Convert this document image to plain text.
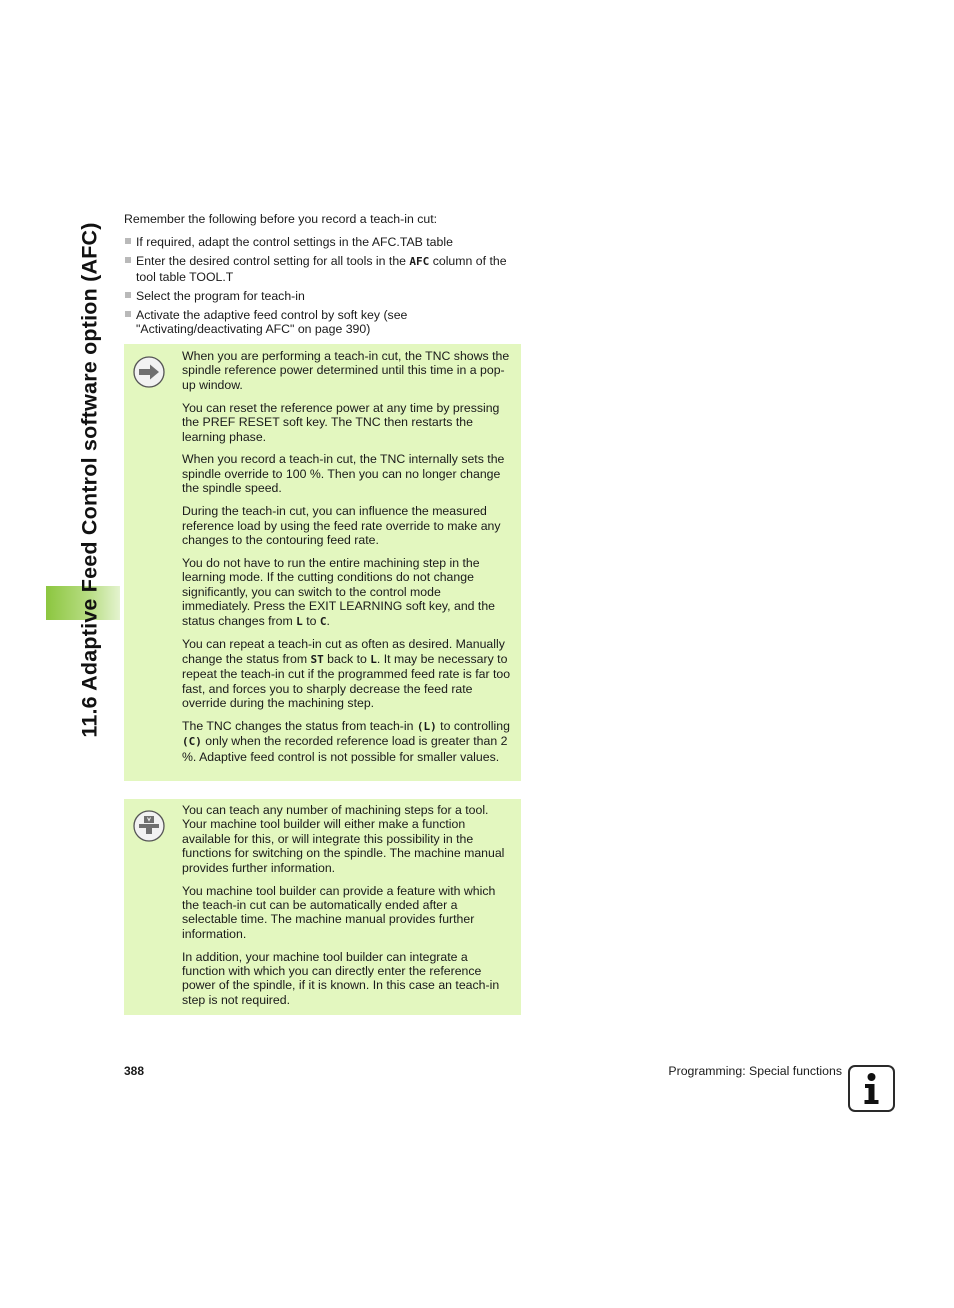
11.6 Adaptive Feed Control software option (AFC)

Remember the following before you record a teach-in cut:

If required, adapt the control settings in the AFC.TAB table
Enter the desired control setting for all tools in the AFC column of the tool table TOOL.T
Select the program for teach-in
Activate the adaptive feed control by soft key (see "Activating/deactivating AFC" on page 390)

When you are performing a teach-in cut, the TNC shows the spindle reference power determined until this time in a pop-up window.

You can reset the reference power at any time by pressing the PREF RESET soft key. The TNC then restarts the learning phase.

When you record a teach-in cut, the TNC internally sets the spindle override to 100 %. Then you can no longer change the spindle speed.

During the teach-in cut, you can influence the measured reference load by using the feed rate override to make any changes to the contouring feed rate.

You do not have to run the entire machining step in the learning mode. If the cutting conditions do not change significantly, you can switch to the control mode immediately. Press the EXIT LEARNING soft key, and the status changes from L to C.

You can repeat a teach-in cut as often as desired. Manually change the status from ST back to L. It may be necessary to repeat the teach-in cut if the programmed feed rate is far too fast, and forces you to sharply decrease the feed rate override during the machining step.

The TNC changes the status from teach-in (L) to controlling (C) only when the recorded reference load is greater than 2 %. Adaptive feed control is not possible for smaller values.

You can teach any number of machining steps for a tool. Your machine tool builder will either make a function available for this, or will integrate this possibility in the functions for switching on the spindle. The machine manual provides further information.

You machine tool builder can provide a feature with which the teach-in cut can be automatically ended after a selectable time. The machine manual provides further information.

In addition, your machine tool builder can integrate a function with which you can directly enter the reference power of the spindle, if it is known. In this case an teach-in step is not required.

388	Programming: Special functions
